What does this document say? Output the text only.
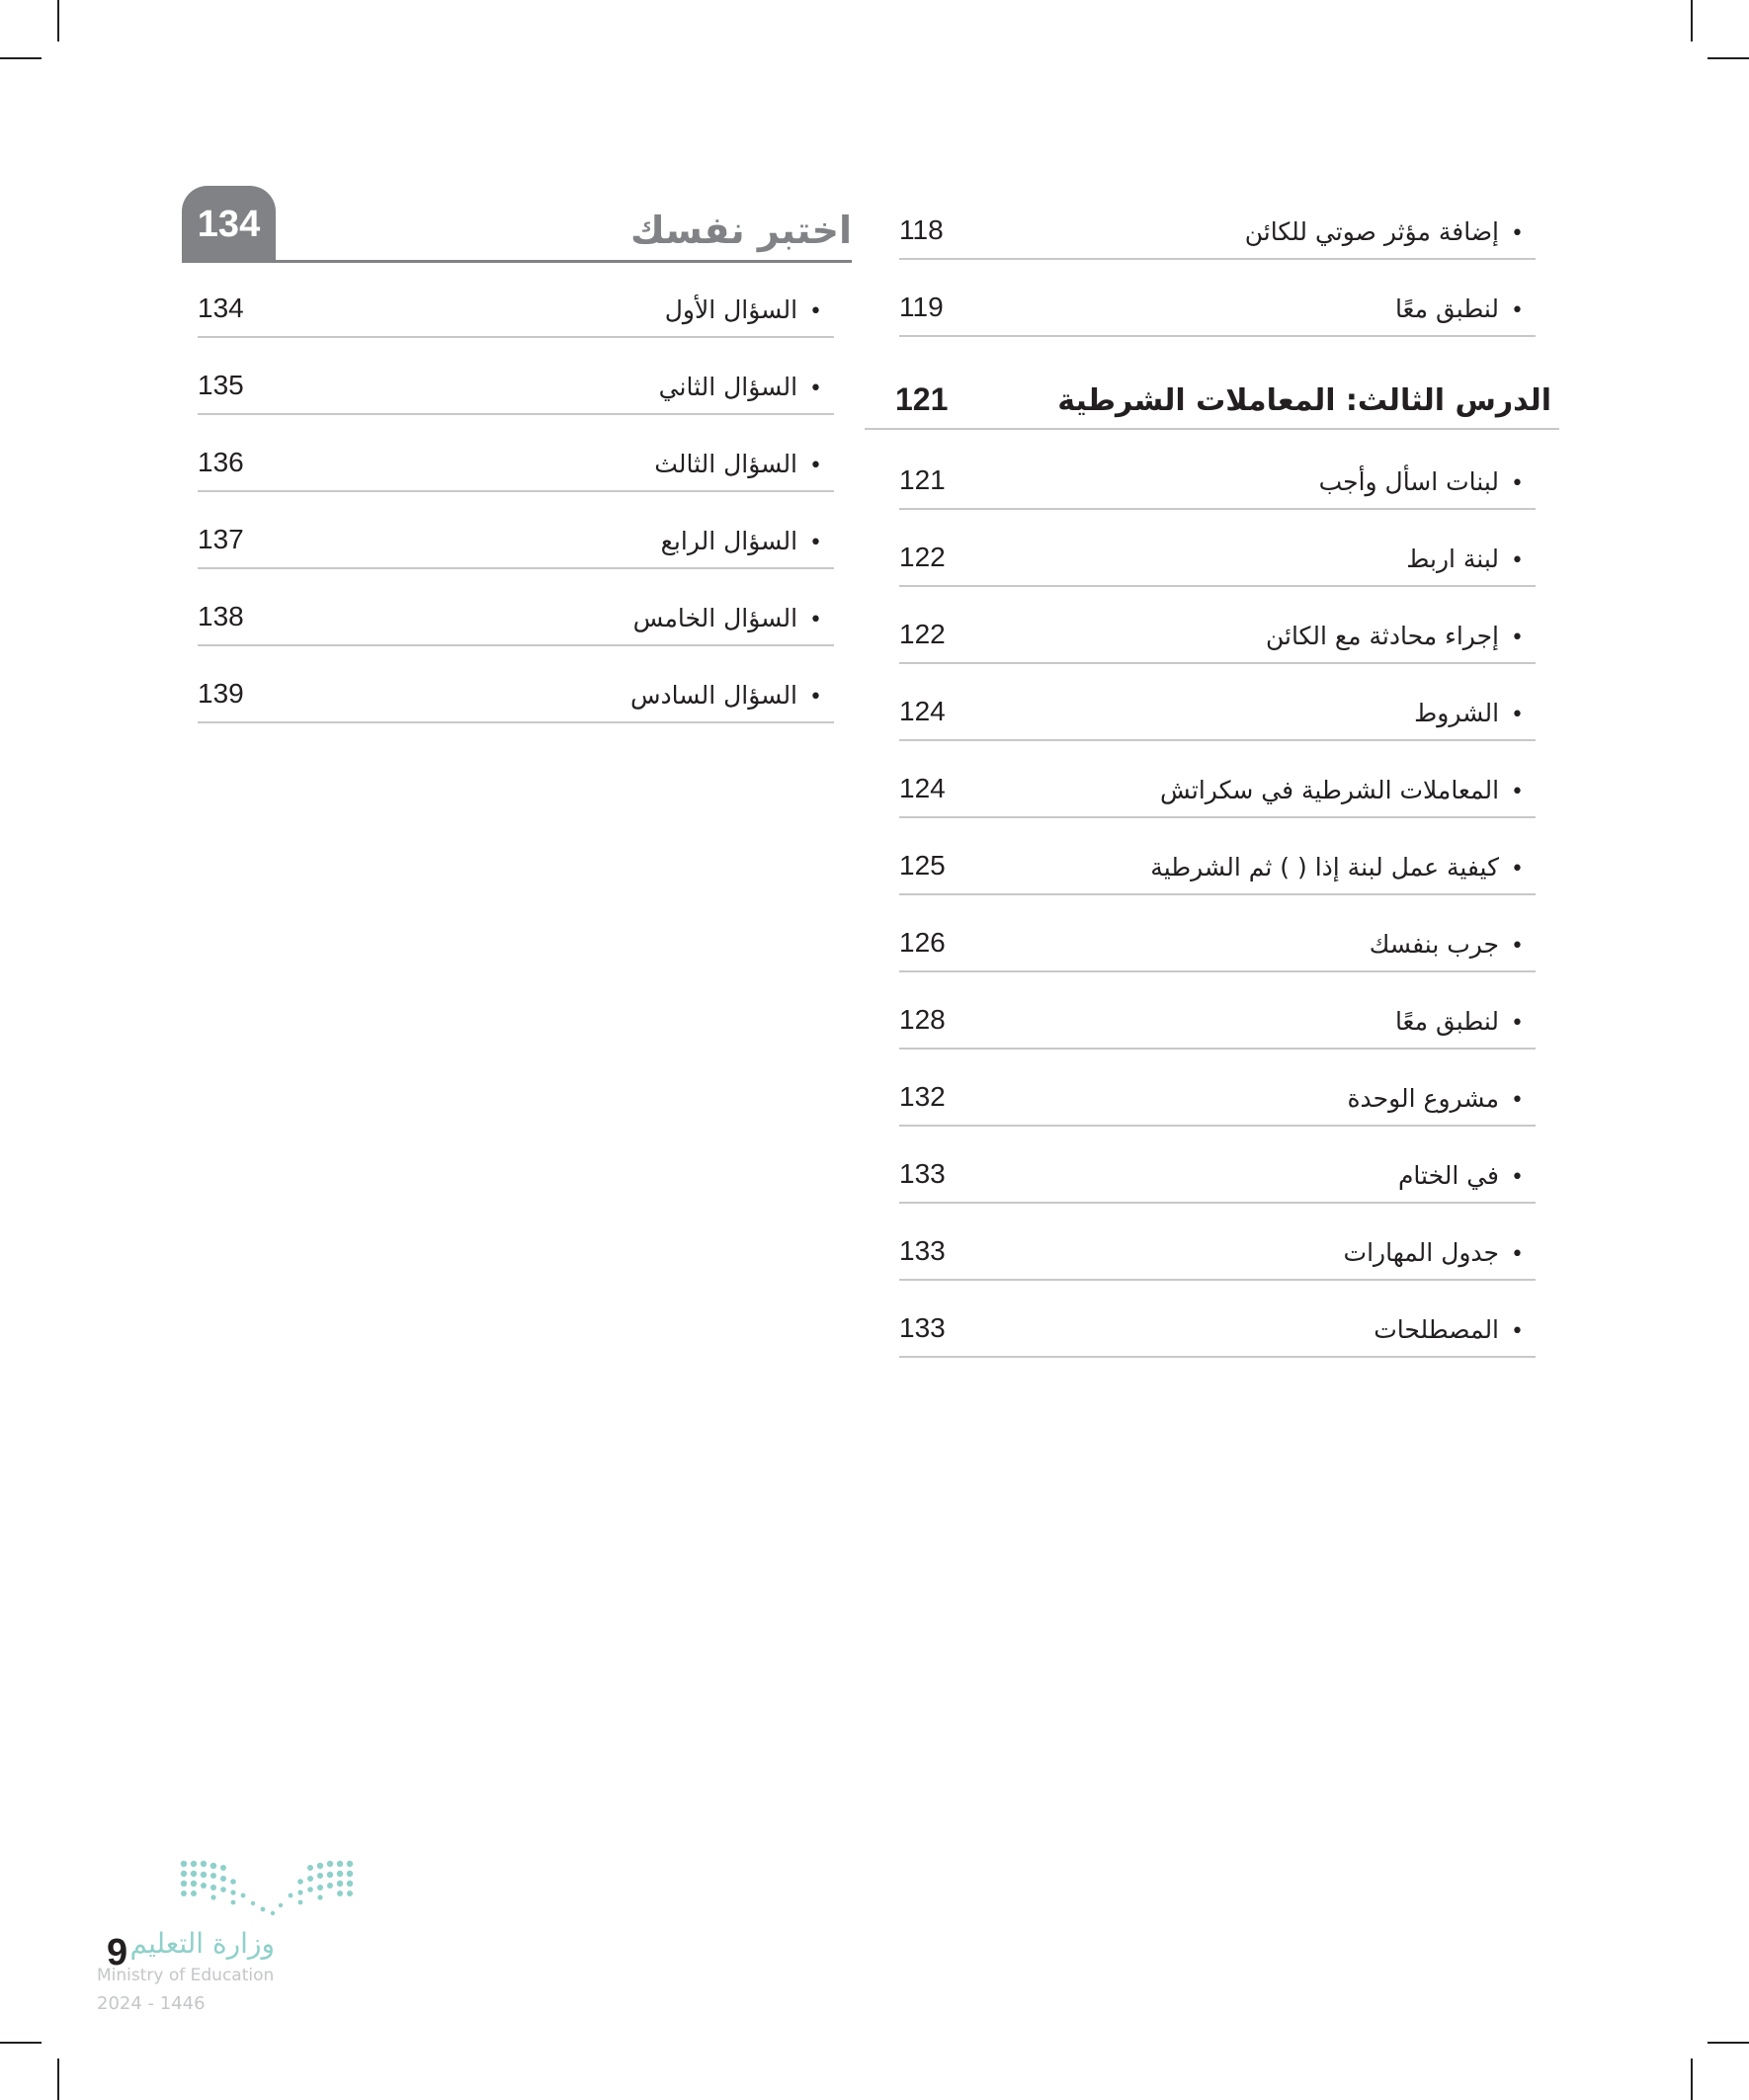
• إضافة مؤثر صوتي للكائن
118
• لنطبق معًا
119
الدرس الثالث: المعاملات الشرطية
121
• لبنات اسأل وأجب
121
• لبنة اربط
122
• إجراء محادثة مع الكائن
122
• الشروط
124
• المعاملات الشرطية في سكراتش
124
• كيفية عمل لبنة إذا ( ) ثم الشرطية
125
• جرب بنفسك
126
• لنطبق معًا
128
• مشروع الوحدة
132
• في الختام
133
• جدول المهارات
133
• المصطلحات
133
134	اختبر نفسك
• السؤال الأول
134
• السؤال الثاني
135
• السؤال الثالث
136
• السؤال الرابع
137
• السؤال الخامس
138
• السؤال السادس
139
وزارة التعليم
Ministry of Education
2024 - 1446
9
